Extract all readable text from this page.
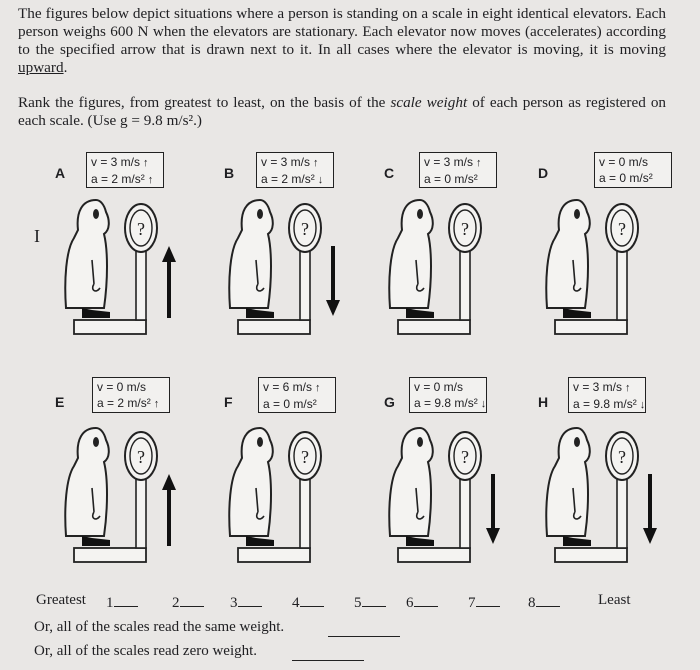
The figures below depict situations where a person is standing on a scale in eight identical elevators. Each person weighs 600 N when the elevators are stationary. Each elevator now moves (accelerates) according to the specified arrow that is drawn next to it. In all cases where the elevator is moving, it is moving upward.
Rank the figures, from greatest to least, on the basis of the scale weight of each person as registered on each scale. (Use g = 9.8 m/s².)
I
A
v = 3 m/s ↑
a = 2 m/s² ↑
?
B
v = 3 m/s ↑
a = 2 m/s² ↓
?
C
v = 3 m/s ↑
a = 0 m/s²
?
D
v = 0 m/s
a = 0 m/s²
?
E
v = 0 m/s
a = 2 m/s² ↑
?
F
v = 6 m/s ↑
a = 0 m/s²
?
G
v = 0 m/s
a = 9.8 m/s² ↓
?
H
v = 3 m/s ↑
a = 9.8 m/s² ↓
?
Greatest 1	2	3	4	5	6	7	8	Least
Or, all of the scales read the same weight.
Or, all of the scales read zero weight.
